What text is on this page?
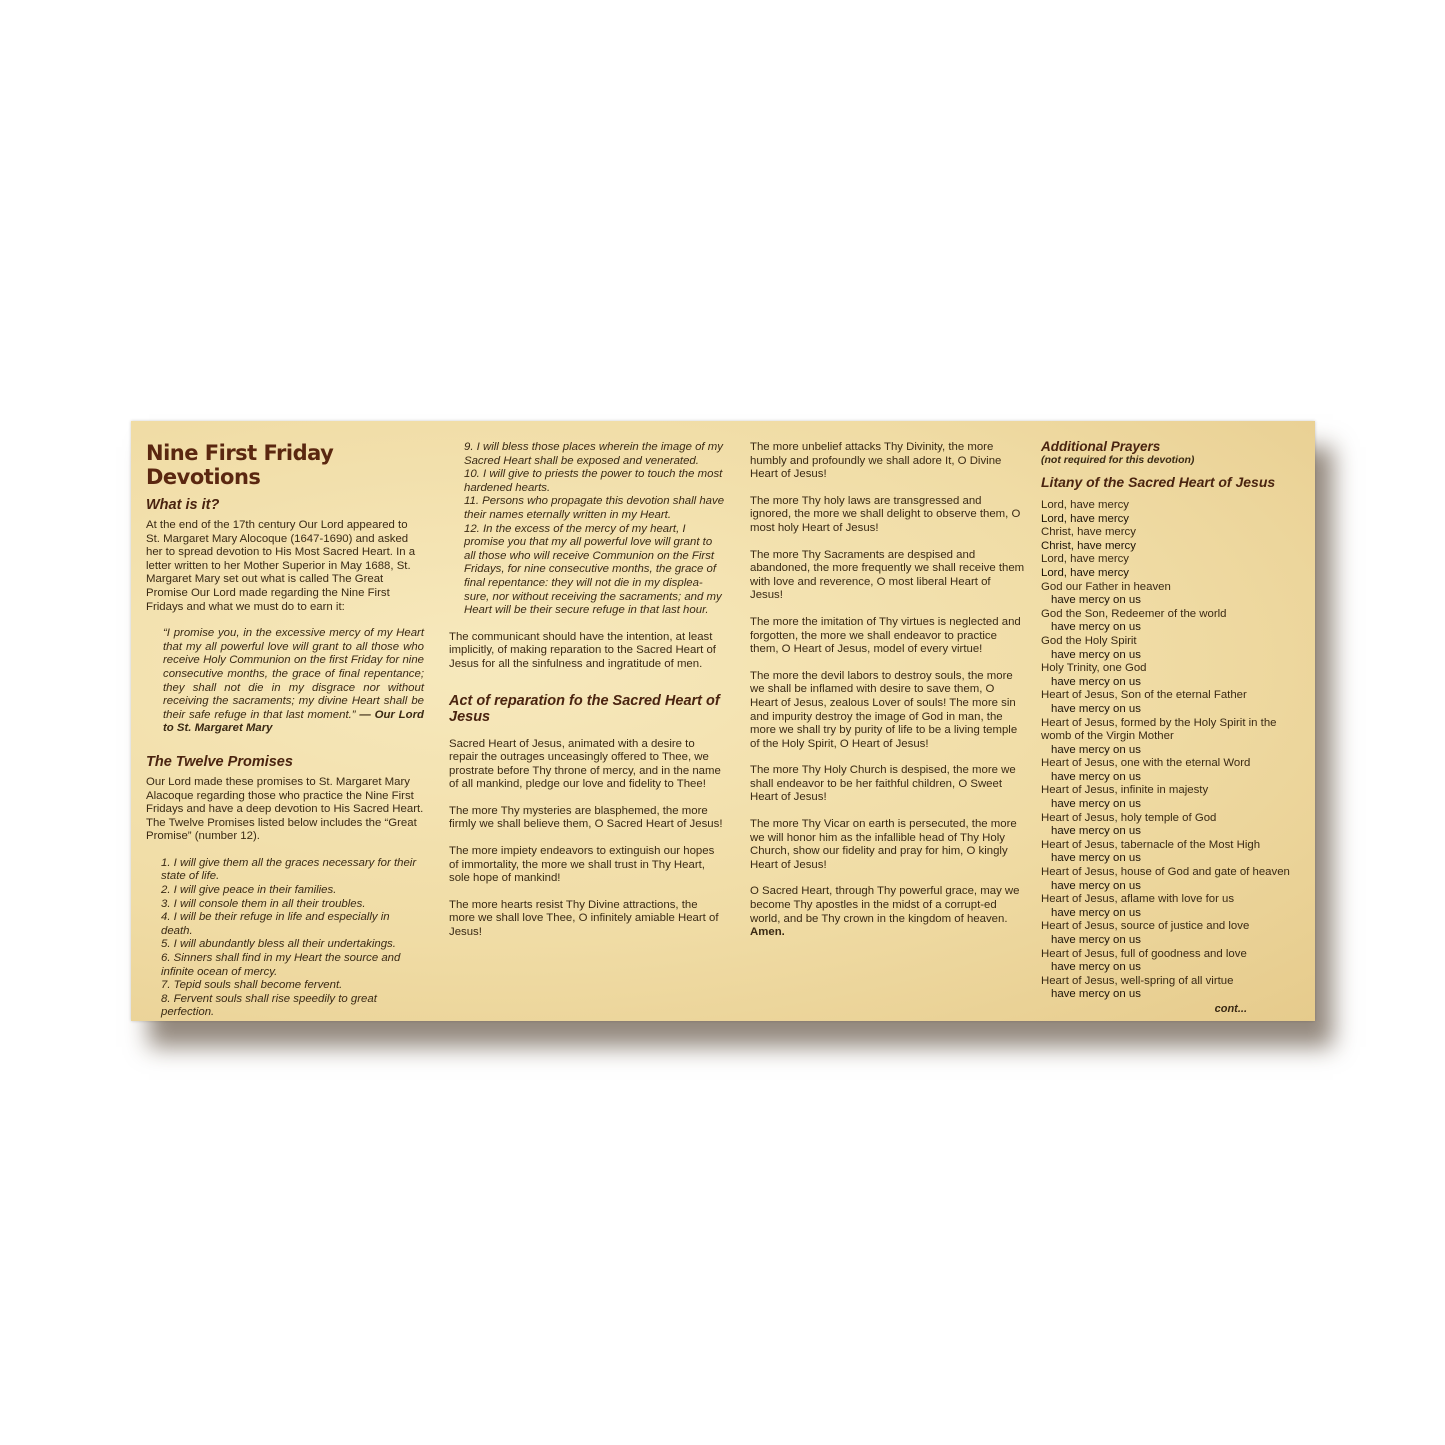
Nine First Friday Devotions
What is it?

At the end of the 17th century Our Lord appeared to St. Margaret Mary Alocoque (1647-1690) and asked her to spread devotion to His Most Sacred Heart. In a letter written to her Mother Superior in May 1688, St. Margaret Mary set out what is called The Great Promise Our Lord made regarding the Nine First Fridays and what we must do to earn it:

“I promise you, in the excessive mercy of my Heart that my all powerful love will grant to all those who receive Holy Communion on the first Friday for nine consecutive months, the grace of final repentance; they shall not die in my disgrace nor without receiving the sacraments; my divine Heart shall be their safe refuge in that last moment.” — Our Lord to St. Margaret Mary

The Twelve Promises

Our Lord made these promises to St. Margaret Mary Alacoque regarding those who practice the Nine First Fridays and have a deep devotion to His Sacred Heart. The Twelve Promises listed below includes the “Great Promise” (number 12).

1. I will give them all the graces necessary for their state of life.
2. I will give peace in their families.
3. I will console them in all their troubles.
4. I will be their refuge in life and especially in death.
5. I will abundantly bless all their undertakings.
6. Sinners shall find in my Heart the source and infinite ocean of mercy.
7. Tepid souls shall become fervent.
8. Fervent souls shall rise speedily to great perfection.
9. I will bless those places wherein the image of my Sacred Heart shall be exposed and venerated.
10. I will give to priests the power to touch the most hardened hearts.
11. Persons who propagate this devotion shall have their names eternally written in my Heart.
12. In the excess of the mercy of my heart, I promise you that my all powerful love will grant to all those who will receive Communion on the First Fridays, for nine consecutive months, the grace of final repentance: they will not die in my displea-sure, nor without receiving the sacraments; and my Heart will be their secure refuge in that last hour.

The communicant should have the intention, at least implicitly, of making reparation to the Sacred Heart of Jesus for all the sinfulness and ingratitude of men.

Act of reparation fo the Sacred Heart of Jesus

Sacred Heart of Jesus, animated with a desire to repair the outrages unceasingly offered to Thee, we prostrate before Thy throne of mercy, and in the name of all mankind, pledge our love and fidelity to Thee!

The more Thy mysteries are blasphemed, the more firmly we shall believe them, O Sacred Heart of Jesus!

The more impiety endeavors to extinguish our hopes of immortality, the more we shall trust in Thy Heart, sole hope of mankind!

The more hearts resist Thy Divine attractions, the more we shall love Thee, O infinitely amiable Heart of Jesus!

The more unbelief attacks Thy Divinity, the more humbly and profoundly we shall adore It, O Divine Heart of Jesus!

The more Thy holy laws are transgressed and ignored, the more we shall delight to observe them, O most holy Heart of Jesus!

The more Thy Sacraments are despised and abandoned, the more frequently we shall receive them with love and reverence, O most liberal Heart of Jesus!

The more the imitation of Thy virtues is neglected and forgotten, the more we shall endeavor to practice them, O Heart of Jesus, model of every virtue!

The more the devil labors to destroy souls, the more we shall be inflamed with desire to save them, O Heart of Jesus, zealous Lover of souls! The more sin and impurity destroy the image of God in man, the more we shall try by purity of life to be a living temple of the Holy Spirit, O Heart of Jesus!

The more Thy Holy Church is despised, the more we shall endeavor to be her faithful children, O Sweet Heart of Jesus!

The more Thy Vicar on earth is persecuted, the more we will honor him as the infallible head of Thy Holy Church, show our fidelity and pray for him, O kingly Heart of Jesus!

O Sacred Heart, through Thy powerful grace, may we become Thy apostles in the midst of a corrupt-ed world, and be Thy crown in the kingdom of heaven. Amen.

Additional Prayers

(not required for this devotion)

Litany of the Sacred Heart of Jesus
Lord, have mercy
Lord, have mercy
Christ, have mercy
Christ, have mercy
Lord, have mercy
Lord, have mercy
God our Father in heaven
have mercy on us
God the Son, Redeemer of the world
have mercy on us
God the Holy Spirit
have mercy on us
Holy Trinity, one God
have mercy on us
Heart of Jesus, Son of the eternal Father
have mercy on us
Heart of Jesus, formed by the Holy Spirit in the womb of the Virgin Mother
have mercy on us
Heart of Jesus, one with the eternal Word
have mercy on us
Heart of Jesus, infinite in majesty
have mercy on us
Heart of Jesus, holy temple of God
have mercy on us
Heart of Jesus, tabernacle of the Most High
have mercy on us
Heart of Jesus, house of God and gate of heaven
have mercy on us
Heart of Jesus, aflame with love for us
have mercy on us
Heart of Jesus, source of justice and love
have mercy on us
Heart of Jesus, full of goodness and love
have mercy on us
Heart of Jesus, well-spring of all virtue
have mercy on us
cont...
